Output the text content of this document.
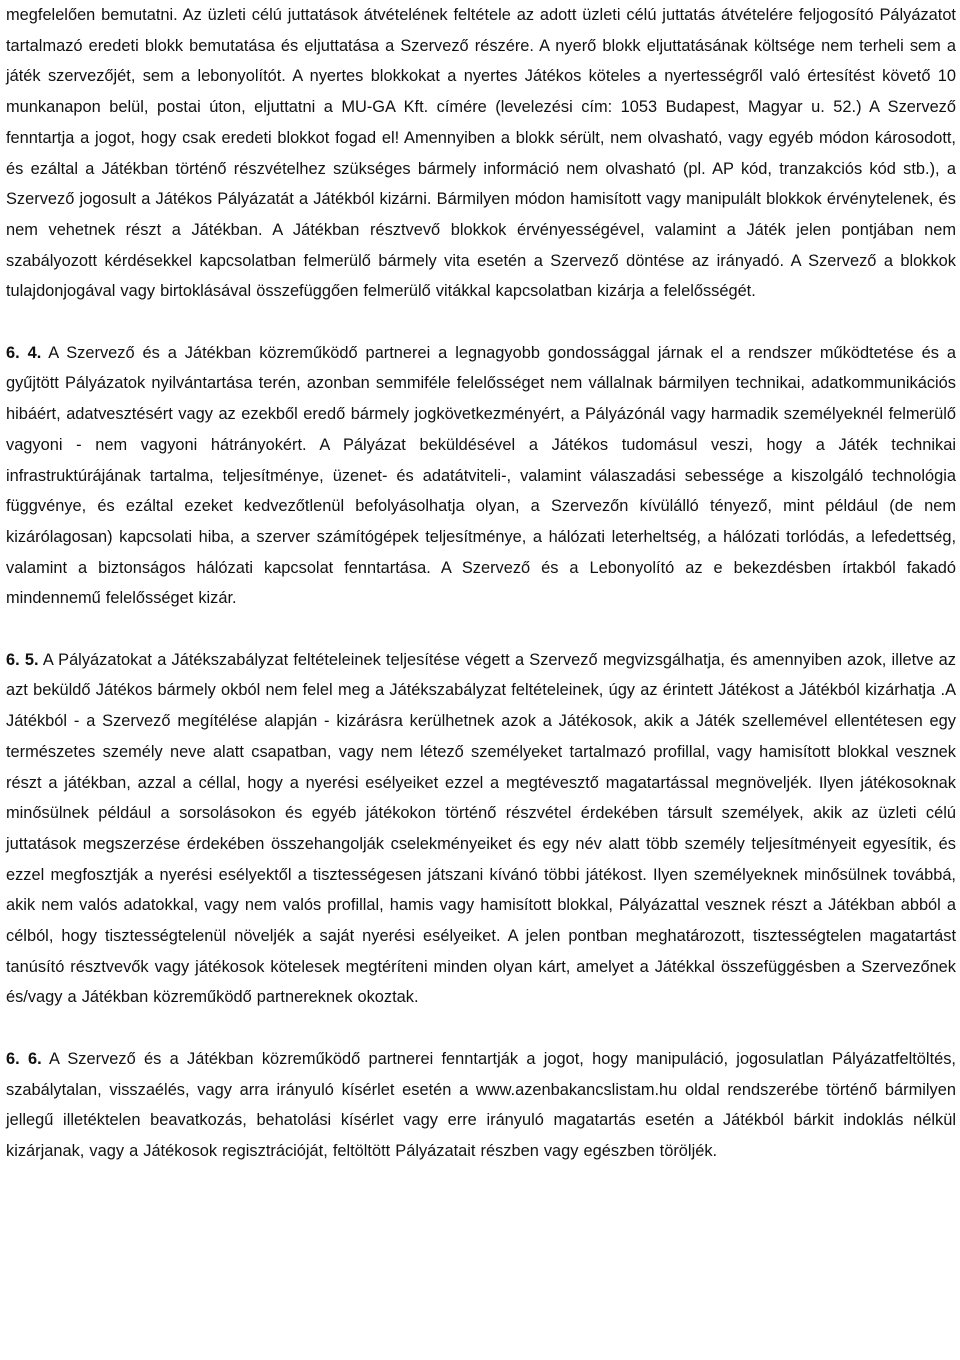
megfelelően bemutatni. Az üzleti célú juttatások átvételének feltétele az adott üzleti célú juttatás átvételére feljogosító Pályázatot tartalmazó eredeti blokk bemutatása és eljuttatása a Szervező részére. A nyerő blokk eljuttatásának költsége nem terheli sem a játék szervezőjét, sem a lebonyolítót. A nyertes blokkokat a nyertes Játékos köteles a nyertességről való értesítést követő 10 munkanapon belül, postai úton, eljuttatni a MU-GA Kft. címére (levelezési cím: 1053 Budapest, Magyar u. 52.) A Szervező fenntartja a jogot, hogy csak eredeti blokkot fogad el! Amennyiben a blokk sérült, nem olvasható, vagy egyéb módon károsodott, és ezáltal a Játékban történő részvételhez szükséges bármely információ nem olvasható (pl. AP kód, tranzakciós kód stb.), a Szervező jogosult a Játékos Pályázatát a Játékból kizárni. Bármilyen módon hamisított vagy manipulált blokkok érvénytelenek, és nem vehetnek részt a Játékban. A Játékban résztvevő blokkok érvényességével, valamint a Játék jelen pontjában nem szabályozott kérdésekkel kapcsolatban felmerülő bármely vita esetén a Szervező döntése az irányadó. A Szervező a blokkok tulajdonjogával vagy birtoklásával összefüggően felmerülő vitákkal kapcsolatban kizárja a felelősségét.

6. 4. A Szervező és a Játékban közreműködő partnerei a legnagyobb gondossággal járnak el a rendszer működtetése és a gyűjtött Pályázatok nyilvántartása terén, azonban semmiféle felelősséget nem vállalnak bármilyen technikai, adatkommunikációs hibáért, adatvesztésért vagy az ezekből eredő bármely jogkövetkezményért, a Pályázónál vagy harmadik személyeknél felmerülő vagyoni - nem vagyoni hátrányokért. A Pályázat beküldésével a Játékos tudomásul veszi, hogy a Játék technikai infrastruktúrájának tartalma, teljesítménye, üzenet- és adatátviteli-, valamint válaszadási sebessége a kiszolgáló technológia függvénye, és ezáltal ezeket kedvezőtlenül befolyásolhatja olyan, a Szervezőn kívülálló tényező, mint például (de nem kizárólagosan) kapcsolati hiba, a szerver számítógépek teljesítménye, a hálózati leterheltség, a hálózati torlódás, a lefedettség, valamint a biztonságos hálózati kapcsolat fenntartása. A Szervező és a Lebonyolító az e bekezdésben írtakból fakadó mindennemű felelősséget kizár.

6. 5. A Pályázatokat a Játékszabályzat feltételeinek teljesítése végett a Szervező megvizsgálhatja, és amennyiben azok, illetve az azt beküldő Játékos bármely okból nem felel meg a Játékszabályzat feltételeinek, úgy az érintett Játékost a Játékból kizárhatja .A Játékból - a Szervező megítélése alapján - kizárásra kerülhetnek azok a Játékosok, akik a Játék szellemével ellentétesen egy természetes személy neve alatt csapatban, vagy nem létező személyeket tartalmazó profillal, vagy hamisított blokkal vesznek részt a játékban, azzal a céllal, hogy a nyerési esélyeiket ezzel a megtévesztő magatartással megnöveljék. Ilyen játékosoknak minősülnek például a sorsolásokon és egyéb játékokon történő részvétel érdekében társult személyek, akik az üzleti célú juttatások megszerzése érdekében összehangolják cselekményeiket és egy név alatt több személy teljesítményeit egyesítik, és ezzel megfosztják a nyerési esélyektől a tisztességesen játszani kívánó többi játékost. Ilyen személyeknek minősülnek továbbá, akik nem valós adatokkal, vagy nem valós profillal, hamis vagy hamisított blokkal, Pályázattal vesznek részt a Játékban abból a célból, hogy tisztességtelenül növeljék a saját nyerési esélyeiket. A jelen pontban meghatározott, tisztességtelen magatartást tanúsító résztvevők vagy játékosok kötelesek megtéríteni minden olyan kárt, amelyet a Játékkal összefüggésben a Szervezőnek és/vagy a Játékban közreműködő partnereknek okoztak.

6. 6. A Szervező és a Játékban közreműködő partnerei fenntartják a jogot, hogy manipuláció, jogosulatlan Pályázatfeltöltés, szabálytalan, visszaélés, vagy arra irányuló kísérlet esetén a www.azenbakancslistam.hu oldal rendszerébe történő bármilyen jellegű illetéktelen beavatkozás, behatolási kísérlet vagy erre irányuló magatartás esetén a Játékból bárkit indoklás nélkül kizárjanak, vagy a Játékosok regisztrációját, feltöltött Pályázatait részben vagy egészben töröljék.
